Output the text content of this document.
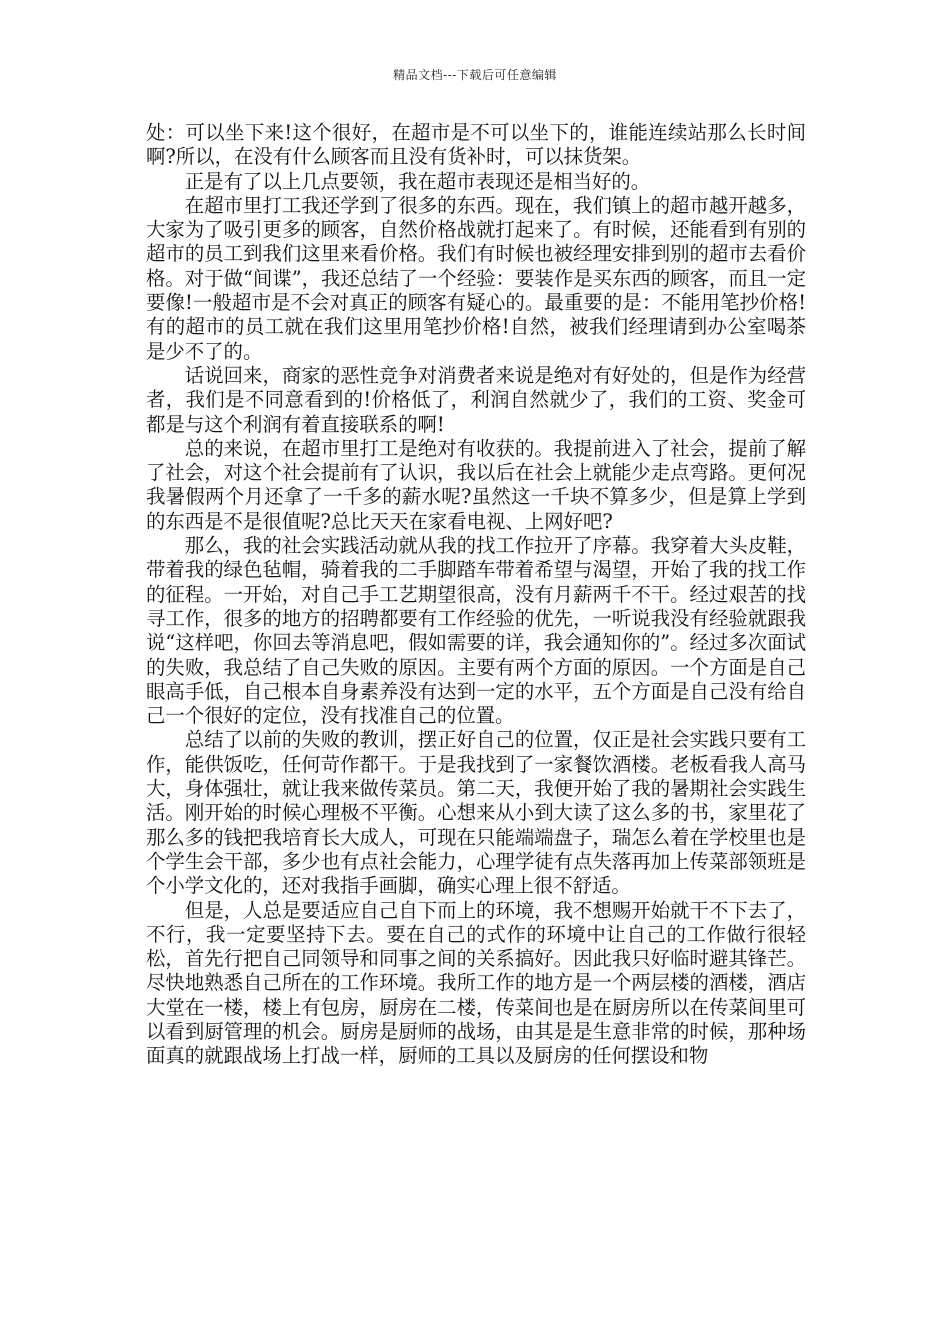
精品文档---下载后可任意编辑

处：可以坐下来!这个很好，在超市是不可以坐下的，谁能连续站那么长时间啊?所以，在没有什么顾客而且没有货补时，可以抹货架。

正是有了以上几点要领，我在超市表现还是相当好的。

在超市里打工我还学到了很多的东西。现在，我们镇上的超市越开越多，大家为了吸引更多的顾客，自然价格战就打起来了。有时候，还能看到有别的超市的员工到我们这里来看价格。我们有时候也被经理安排到别的超市去看价格。对于做“间谍”，我还总结了一个经验：要装作是买东西的顾客，而且一定要像!一般超市是不会对真正的顾客有疑心的。最重要的是：不能用笔抄价格!有的超市的员工就在我们这里用笔抄价格!自然，被我们经理请到办公室喝茶是少不了的。

话说回来，商家的恶性竞争对消费者来说是绝对有好处的，但是作为经营者，我们是不同意看到的!价格低了，利润自然就少了，我们的工资、奖金可都是与这个利润有着直接联系的啊!

总的来说，在超市里打工是绝对有收获的。我提前进入了社会，提前了解了社会，对这个社会提前有了认识，我以后在社会上就能少走点弯路。更何况我暑假两个月还拿了一千多的薪水呢?虽然这一千块不算多少，但是算上学到的东西是不是很值呢?总比天天在家看电视、上网好吧?

那么，我的社会实践活动就从我的找工作拉开了序幕。我穿着大头皮鞋，带着我的绿色毡帽，骑着我的二手脚踏车带着希望与渴望，开始了我的找工作的征程。一开始，对自己手工艺期望很高，没有月薪两千不干。经过艰苦的找寻工作，很多的地方的招聘都要有工作经验的优先，一听说我没有经验就跟我说“这样吧，你回去等消息吧，假如需要的详，我会通知你的”。经过多次面试的失败，我总结了自己失败的原因。主要有两个方面的原因。一个方面是自己眼高手低，自己根本自身素养没有达到一定的水平，五个方面是自己没有给自己一个很好的定位，没有找准自己的位置。

总结了以前的失败的教训，摆正好自己的位置，仅正是社会实践只要有工作，能供饭吃，任何苛作都干。于是我找到了一家餐饮酒楼。老板看我人高马大，身体强壮，就让我来做传菜员。第二天，我便开始了我的暑期社会实践生活。刚开始的时候心理极不平衡。心想来从小到大读了这么多的书，家里花了那么多的钱把我培育长大成人，可现在只能端端盘子，瑞怎么着在学校里也是个学生会干部，多少也有点社会能力，心理学徒有点失落再加上传菜部领班是个小学文化的，还对我指手画脚，确实心理上很不舒适。

但是，人总是要适应自己自下而上的环境，我不想赐开始就干不下去了，不行，我一定要坚持下去。要在自己的式作的环境中让自己的工作做行很轻松，首先行把自己同领导和同事之间的关系搞好。因此我只好临时避其锋芒。尽快地熟悉自己所在的工作环境。我所工作的地方是一个两层楼的酒楼，酒店大堂在一楼，楼上有包房，厨房在二楼，传菜间也是在厨房所以在传菜间里可以看到厨管理的机会。厨房是厨师的战场，由其是是生意非常的时候，那种场面真的就跟战场上打战一样，厨师的工具以及厨房的任何摆设和物
